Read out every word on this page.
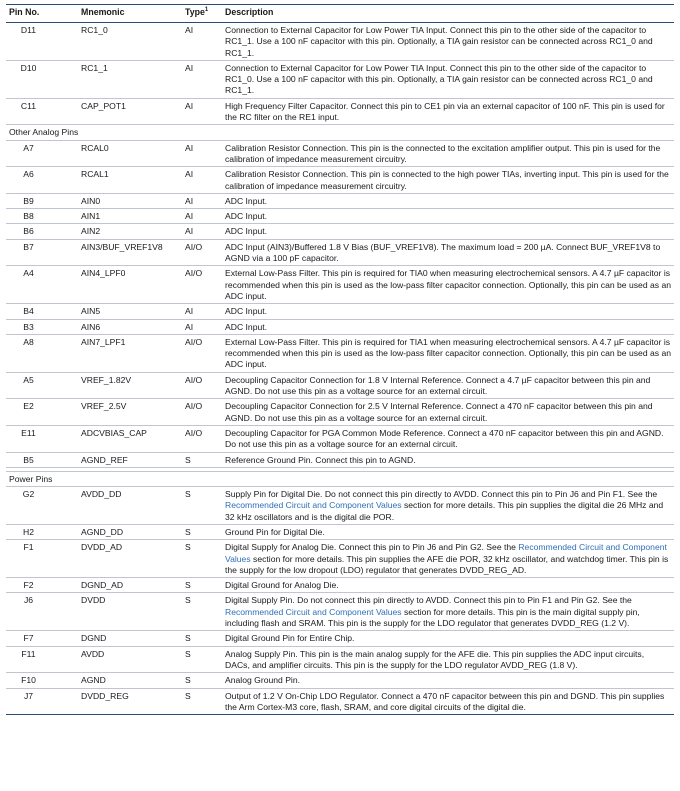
Pin No.	Mnemonic	Type$^1$	Description
D11	RC1_0	AI	Connection to External Capacitor for Low Power TIA Input. Connect this pin to the other side of the capacitor to RC1_1. Use a 100 nF capacitor with this pin. Optionally, a TIA gain resistor can be connected across RC1_0 and RC1_1.
D10	RC1_1	AI	Connection to External Capacitor for Low Power TIA Input. Connect this pin to the other side of the capacitor to RC1_0. Use a 100 nF capacitor with this pin. Optionally, a TIA gain resistor can be connected across RC1_0 and RC1_1.
C11	CAP_POT1	AI	High Frequency Filter Capacitor. Connect this pin to CE1 pin via an external capacitor of 100 nF. This pin is used for the RC filter on the RE1 input.
Other Analog Pins			
A7	RCAL0	AI	Calibration Resistor Connection. This pin is the connected to the excitation amplifier output. This pin is used for the calibration of impedance measurement circuitry.
A6	RCAL1	AI	Calibration Resistor Connection. This pin is connected to the high power TIAs, inverting input. This pin is used for the calibration of impedance measurement circuitry.
B9	AIN0	AI	ADC Input.
B8	AIN1	AI	ADC Input.
B6	AIN2	AI	ADC Input.
B7	AIN3/BUF_VREF1V8	AI/O	ADC Input (AIN3)/Buffered 1.8 V Bias (BUF_VREF1V8). The maximum load = 200 µA. Connect BUF_VREF1V8 to AGND via a 100 pF capacitor.
A4	AIN4_LPF0	AI/O	External Low-Pass Filter. This pin is required for TIA0 when measuring electrochemical sensors. A 4.7 µF capacitor is recommended when this pin is used as the low-pass filter capacitor connection. Optionally, this pin can be used as an ADC input.
B4	AIN5	AI	ADC Input.
B3	AIN6	AI	ADC Input.
A8	AIN7_LPF1	AI/O	External Low-Pass Filter. This pin is required for TIA1 when measuring electrochemical sensors. A 4.7 µF capacitor is recommended when this pin is used as the low-pass filter capacitor connection. Optionally, this pin can be used as an ADC input.
A5	VREF_1.82V	AI/O	Decoupling Capacitor Connection for 1.8 V Internal Reference. Connect a 4.7 µF capacitor between this pin and AGND. Do not use this pin as a voltage source for an external circuit.
E2	VREF_2.5V	AI/O	Decoupling Capacitor Connection for 2.5 V Internal Reference. Connect a 470 nF capacitor between this pin and AGND. Do not use this pin as a voltage source for an external circuit.
E11	ADCVBIAS_CAP	AI/O	Decoupling Capacitor for PGA Common Mode Reference. Connect a 470 nF capacitor between this pin and AGND. Do not use this pin as a voltage source for an external circuit.
B5	AGND_REF	S	Reference Ground Pin. Connect this pin to AGND.

Power Pins			
G2	AVDD_DD	S	Supply Pin for Digital Die. Do not connect this pin directly to AVDD. Connect this pin to Pin J6 and Pin F1. See the Recommended Circuit and Component Values section for more details. This pin supplies the digital die 26 MHz and 32 kHz oscillators and is the digital die POR.
H2	AGND_DD	S	Ground Pin for Digital Die.
F1	DVDD_AD	S	Digital Supply for Analog Die. Connect this pin to Pin J6 and Pin G2. See the Recommended Circuit and Component Values section for more details. This pin supplies the AFE die POR, 32 kHz oscillator, and watchdog timer. This pin is the supply for the low dropout (LDO) regulator that generates DVDD_REG_AD.
F2	DGND_AD	S	Digital Ground for Analog Die.
J6	DVDD	S	Digital Supply Pin. Do not connect this pin directly to AVDD. Connect this pin to Pin F1 and Pin G2. See the Recommended Circuit and Component Values section for more details. This pin is the main digital supply pin, including flash and SRAM. This pin is the supply for the LDO regulator that generates DVDD_REG (1.2 V).
F7	DGND	S	Digital Ground Pin for Entire Chip.
F11	AVDD	S	Analog Supply Pin. This pin is the main analog supply for the AFE die. This pin supplies the ADC input circuits, DACs, and amplifier circuits. This pin is the supply for the LDO regulator AVDD_REG (1.8 V).
F10	AGND	S	Analog Ground Pin.
J7	DVDD_REG	S	Output of 1.2 V On-Chip LDO Regulator. Connect a 470 nF capacitor between this pin and DGND. This pin supplies the Arm Cortex-M3 core, flash, SRAM, and core digital circuits of the digital die.
